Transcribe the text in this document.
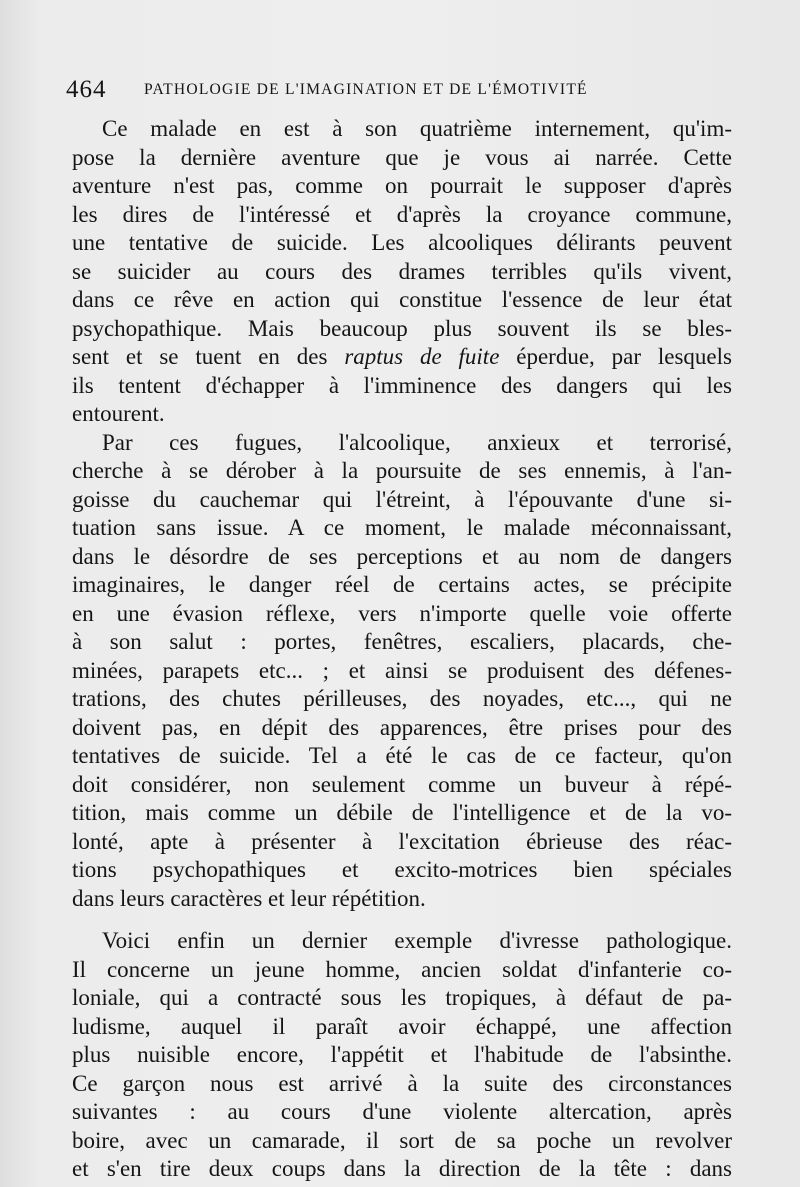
464 PATHOLOGIE DE L'IMAGINATION ET DE L'ÉMOTIVITÉ
Ce malade en est à son quatrième internement, qu'im-
pose la dernière aventure que je vous ai narrée. Cette
aventure n'est pas, comme on pourrait le supposer d'après
les dires de l'intéressé et d'après la croyance commune,
une tentative de suicide. Les alcooliques délirants peuvent
se suicider au cours des drames terribles qu'ils vivent,
dans ce rêve en action qui constitue l'essence de leur état
psychopathique. Mais beaucoup plus souvent ils se bles-
sent et se tuent en des raptus de fuite éperdue, par lesquels
ils tentent d'échapper à l'imminence des dangers qui les
entourent.
Par ces fugues, l'alcoolique, anxieux et terrorisé,
cherche à se dérober à la poursuite de ses ennemis, à l'an-
goisse du cauchemar qui l'étreint, à l'épouvante d'une si-
tuation sans issue. A ce moment, le malade méconnaissant,
dans le désordre de ses perceptions et au nom de dangers
imaginaires, le danger réel de certains actes, se précipite
en une évasion réflexe, vers n'importe quelle voie offerte
à son salut : portes, fenêtres, escaliers, placards, che-
minées, parapets etc... ; et ainsi se produisent des défenes-
trations, des chutes périlleuses, des noyades, etc..., qui ne
doivent pas, en dépit des apparences, être prises pour des
tentatives de suicide. Tel a été le cas de ce facteur, qu'on
doit considérer, non seulement comme un buveur à répé-
tition, mais comme un débile de l'intelligence et de la vo-
lonté, apte à présenter à l'excitation ébrieuse des réac-
tions psychopathiques et excito-motrices bien spéciales
dans leurs caractères et leur répétition.
Voici enfin un dernier exemple d'ivresse pathologique.
Il concerne un jeune homme, ancien soldat d'infanterie co-
loniale, qui a contracté sous les tropiques, à défaut de pa-
ludisme, auquel il paraît avoir échappé, une affection
plus nuisible encore, l'appétit et l'habitude de l'absinthe.
Ce garçon nous est arrivé à la suite des circonstances
suivantes : au cours d'une violente altercation, après
boire, avec un camarade, il sort de sa poche un revolver
et s'en tire deux coups dans la direction de la tête : dans
